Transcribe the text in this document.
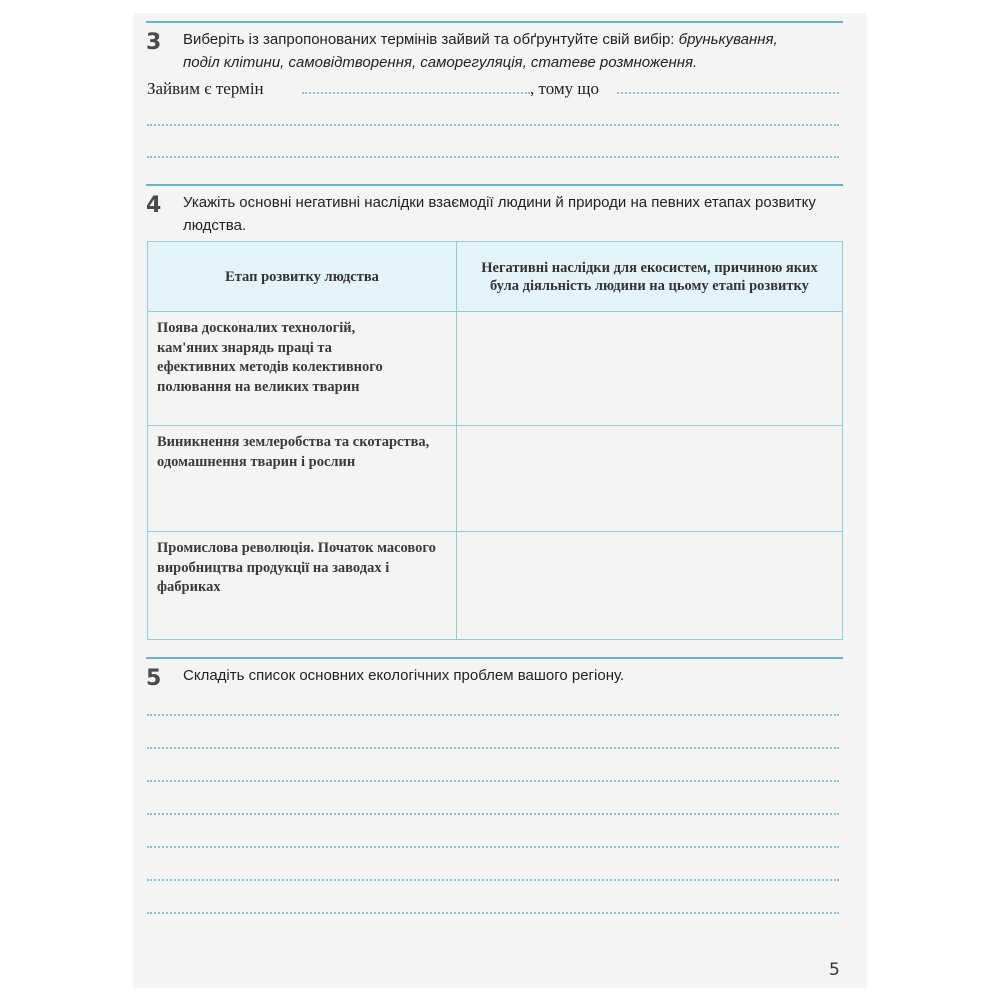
3 Виберіть із запропонованих термінів зайвий та обґрунтуйте свій вибір: брунькування,
поділ клітини, самовідтворення, саморегуляція, статеве розмноження.
Зайвим є термін	, тому що
4 Укажіть основні негативні наслідки взаємодії людини й природи на певних етапах розвитку людства.
Етап розвитку людства	Негативні наслідки для екосистем, причиною яких була діяльність людини на цьому етапі розвитку

Поява досконалих технологій, кам'яних знарядь праці та ефективних методів колективного полювання на великих тварин	

Виникнення землеробства та скотарства, одомашнення тварин і рослин	

Промислова революція. Початок масового виробництва продукції на заводах і фабриках	

5 Складіть список основних екологічних проблем вашого регіону.
5
